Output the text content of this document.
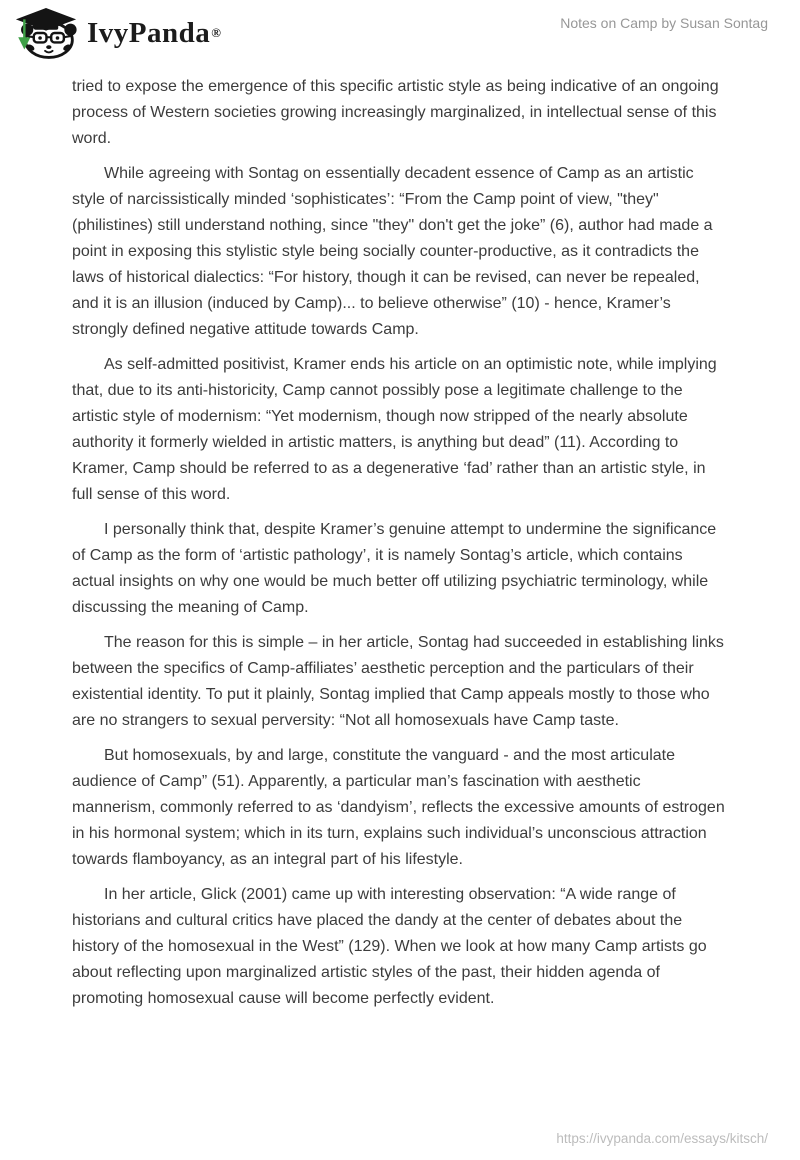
IvyPanda ®
Notes on Camp by Susan Sontag

tried to expose the emergence of this specific artistic style as being indicative of an ongoing process of Western societies growing increasingly marginalized, in intellectual sense of this word.

While agreeing with Sontag on essentially decadent essence of Camp as an artistic style of narcissistically minded ‘sophisticates’: “From the Camp point of view, "they" (philistines) still understand nothing, since "they" don't get the joke” (6), author had made a point in exposing this stylistic style being socially counter-productive, as it contradicts the laws of historical dialectics: “For history, though it can be revised, can never be repealed, and it is an illusion (induced by Camp)... to believe otherwise” (10) - hence, Kramer’s strongly defined negative attitude towards Camp.

As self-admitted positivist, Kramer ends his article on an optimistic note, while implying that, due to its anti-historicity, Camp cannot possibly pose a legitimate challenge to the artistic style of modernism: “Yet modernism, though now stripped of the nearly absolute authority it formerly wielded in artistic matters, is anything but dead” (11). According to Kramer, Camp should be referred to as a degenerative ‘fad’ rather than an artistic style, in full sense of this word.

I personally think that, despite Kramer’s genuine attempt to undermine the significance of Camp as the form of ‘artistic pathology’, it is namely Sontag’s article, which contains actual insights on why one would be much better off utilizing psychiatric terminology, while discussing the meaning of Camp.

The reason for this is simple – in her article, Sontag had succeeded in establishing links between the specifics of Camp-affiliates’ aesthetic perception and the particulars of their existential identity. To put it plainly, Sontag implied that Camp appeals mostly to those who are no strangers to sexual perversity: “Not all homosexuals have Camp taste.

But homosexuals, by and large, constitute the vanguard - and the most articulate audience of Camp” (51). Apparently, a particular man’s fascination with aesthetic mannerism, commonly referred to as ‘dandyism’, reflects the excessive amounts of estrogen in his hormonal system; which in its turn, explains such individual’s unconscious attraction towards flamboyancy, as an integral part of his lifestyle.

In her article, Glick (2001) came up with interesting observation: “A wide range of historians and cultural critics have placed the dandy at the center of debates about the history of the homosexual in the West” (129). When we look at how many Camp artists go about reflecting upon marginalized artistic styles of the past, their hidden agenda of promoting homosexual cause will become perfectly evident.

https://ivypanda.com/essays/kitsch/
